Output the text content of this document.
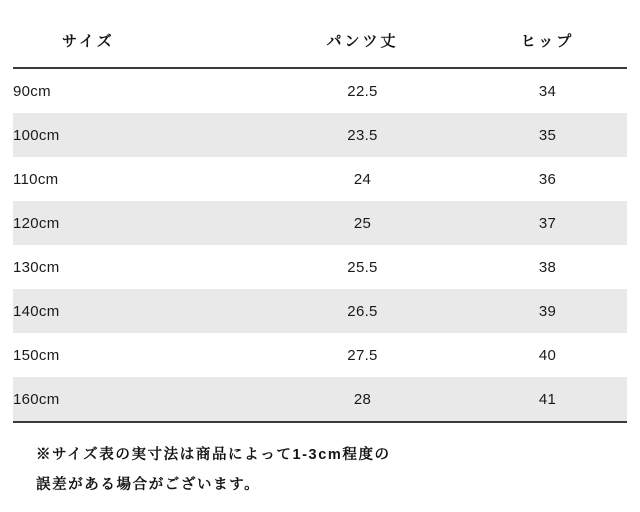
サイズ	パンツ丈	ヒップ
90cm	22.5	34
100cm	23.5	35
110cm	24	36
120cm	25	37
130cm	25.5	38
140cm	26.5	39
150cm	27.5	40
160cm	28	41
※サイズ表の実寸法は商品によって1-3cm程度の
誤差がある場合がございます。
